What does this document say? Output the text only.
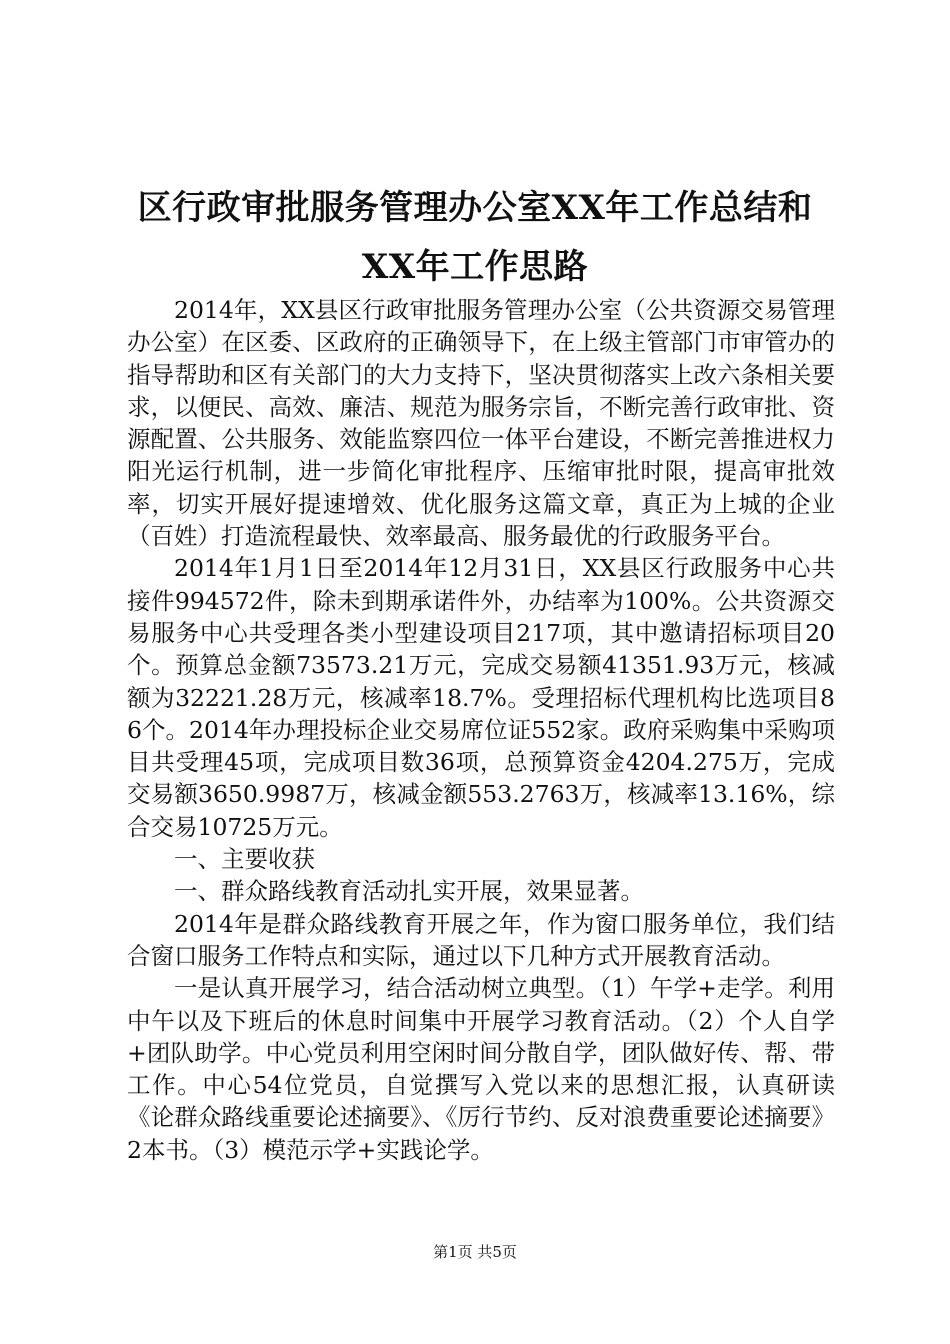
区行政审批服务管理办公室XX年工作总结和
XX年工作思路

2014年，XX县区行政审批服务管理办公室（公共资源交易管理办公室）在区委、区政府的正确领导下，在上级主管部门市审管办的指导帮助和区有关部门的大力支持下，坚决贯彻落实上改六条相关要求，以便民、高效、廉洁、规范为服务宗旨，不断完善行政审批、资源配置、公共服务、效能监察四位一体平台建设，不断完善推进权力阳光运行机制，进一步简化审批程序、压缩审批时限，提高审批效率，切实开展好提速增效、优化服务这篇文章，真正为上城的企业（百姓）打造流程最快、效率最高、服务最优的行政服务平台。

2014年1月1日至2014年12月31日，XX县区行政服务中心共接件994572件，除未到期承诺件外，办结率为100%。公共资源交易服务中心共受理各类小型建设项目217项，其中邀请招标项目20个。预算总金额73573.21万元，完成交易额41351.93万元，核减额为32221.28万元，核减率18.7%。受理招标代理机构比选项目86个。2014年办理投标企业交易席位证552家。政府采购集中采购项目共受理45项，完成项目数36项，总预算资金4204.275万，完成交易额3650.9987万，核减金额553.2763万，核减率13.16%，综合交易10725万元。

一、主要收获

一、群众路线教育活动扎实开展，效果显著。

2014年是群众路线教育开展之年，作为窗口服务单位，我们结合窗口服务工作特点和实际，通过以下几种方式开展教育活动。

一是认真开展学习，结合活动树立典型。（1）午学+走学。利用中午以及下班后的休息时间集中开展学习教育活动。（2）个人自学+团队助学。中心党员利用空闲时间分散自学，团队做好传、帮、带工作。中心54位党员，自觉撰写入党以来的思想汇报，认真研读《论群众路线重要论述摘要》、《厉行节约、反对浪费重要论述摘要》2本书。（3）模范示学+实践论学。

第1页 共5页
